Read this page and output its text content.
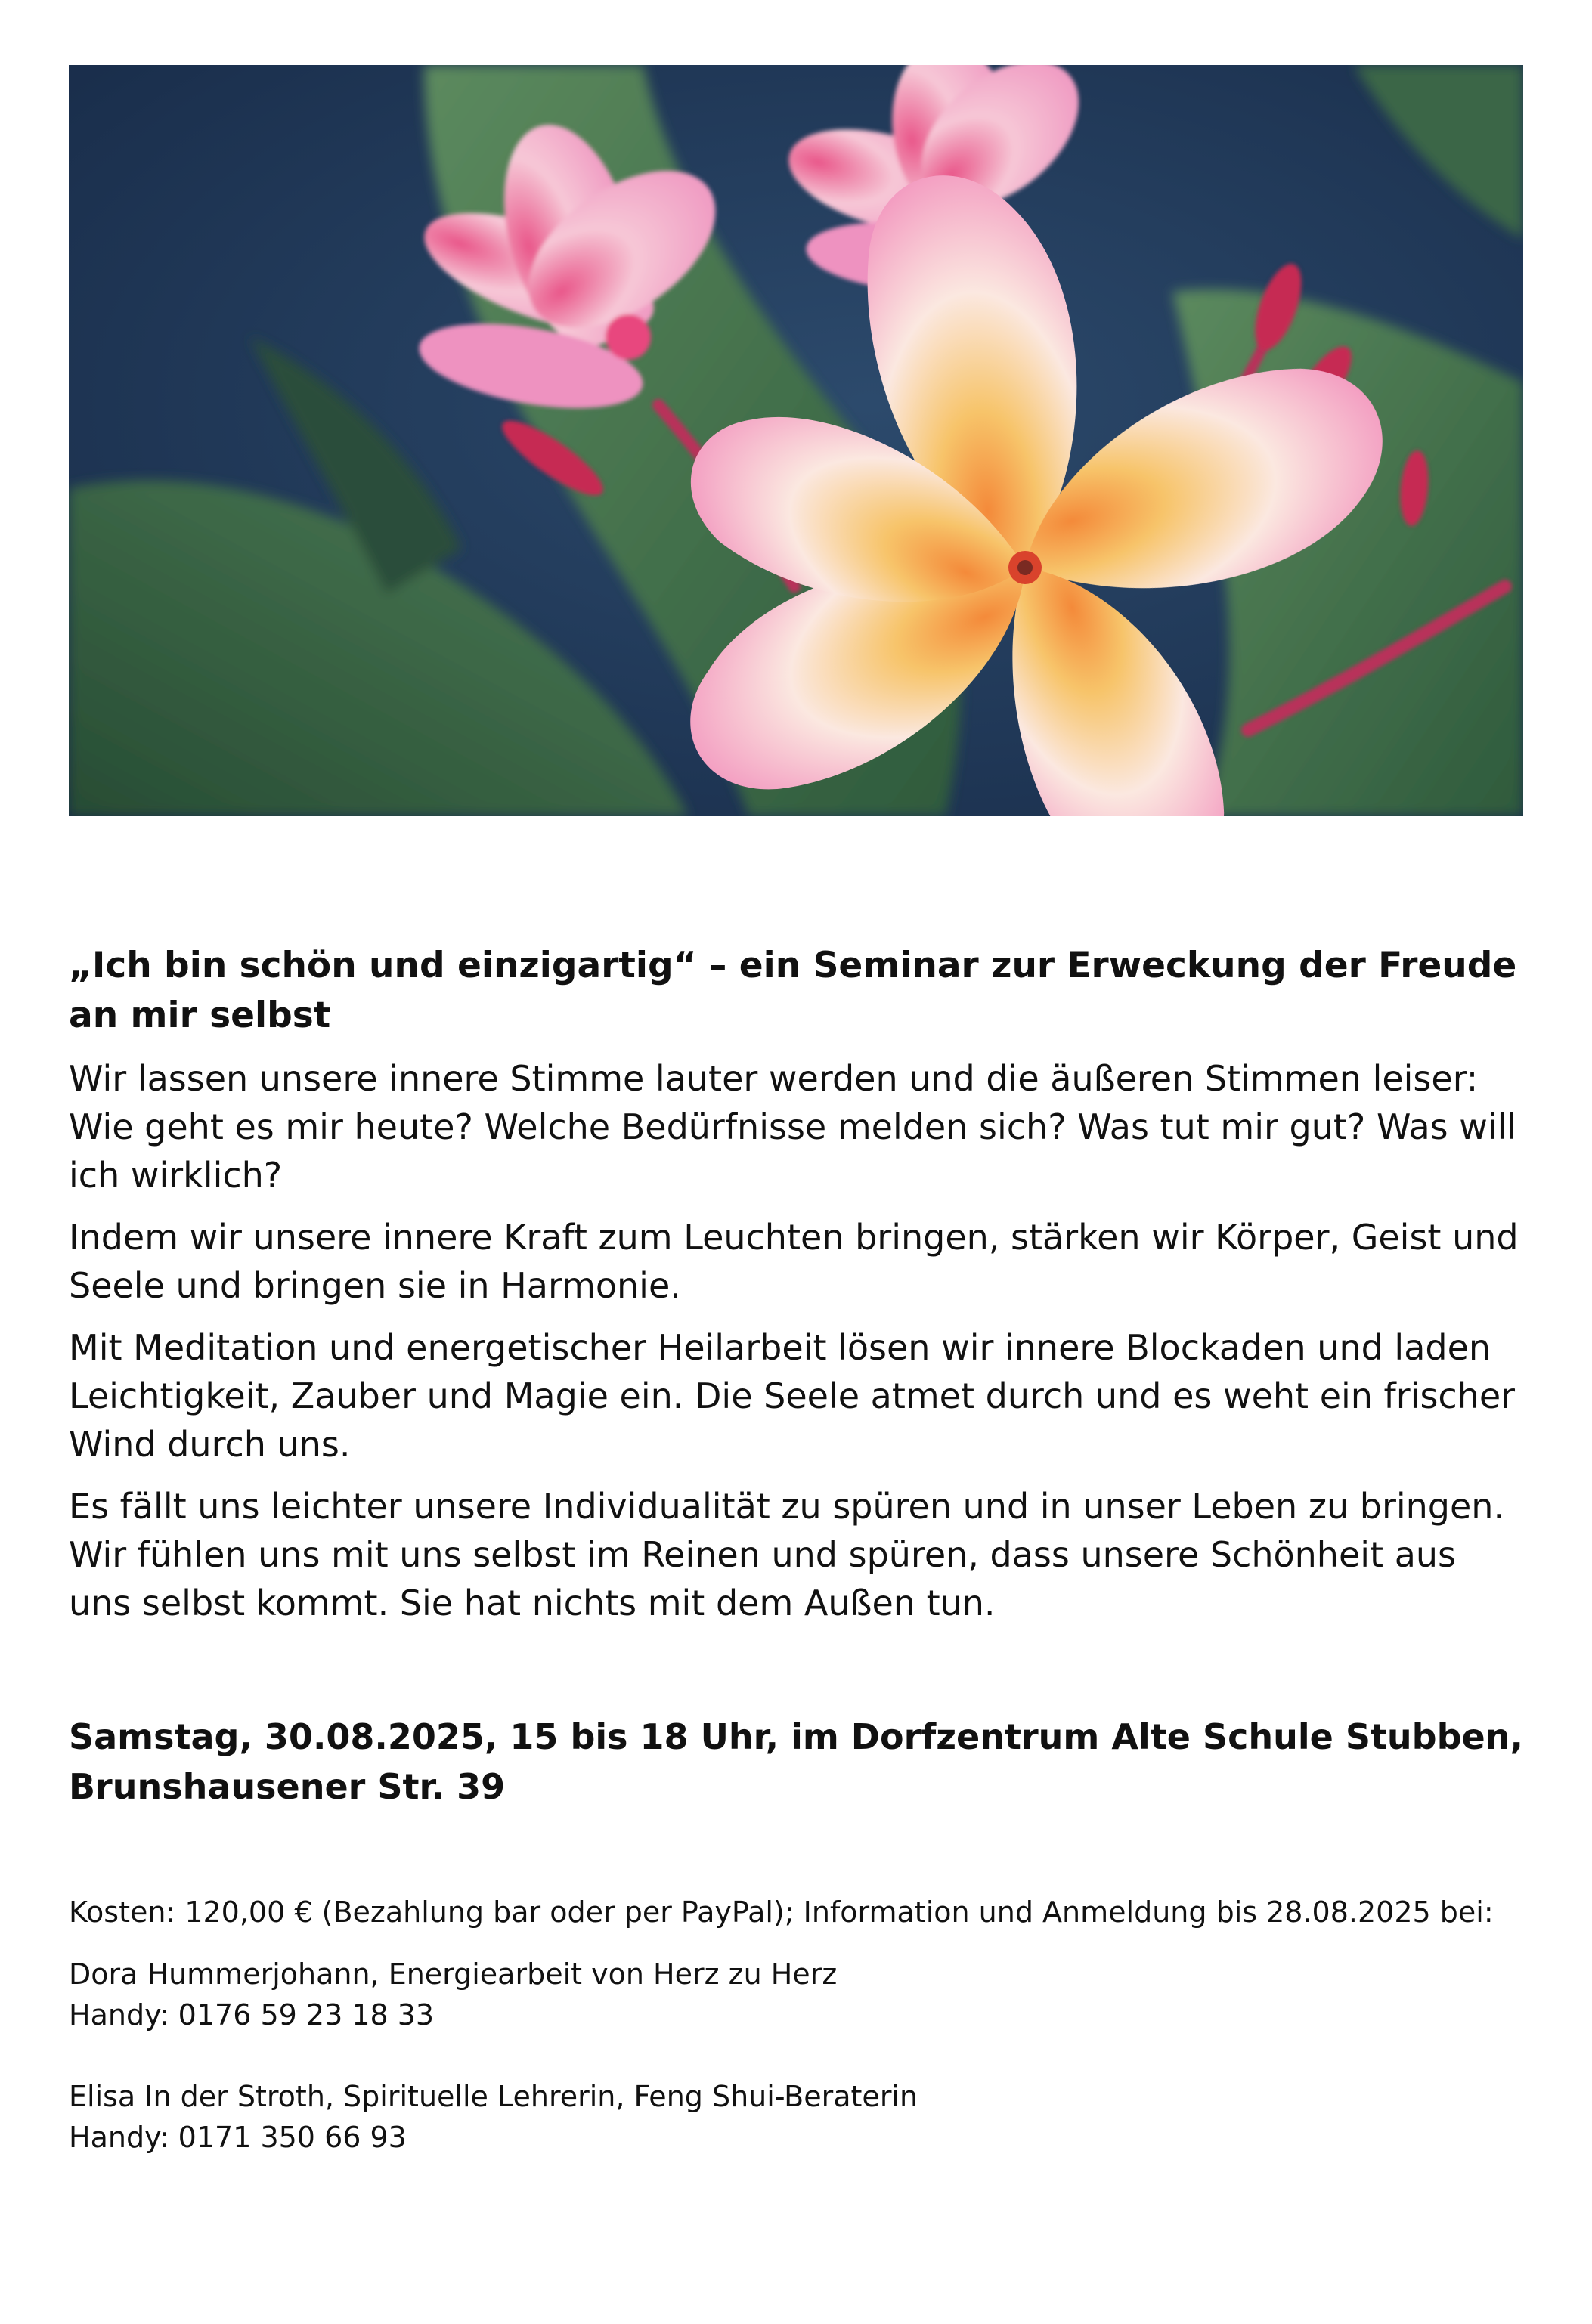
„Ich bin schön und einzigartig“ – ein Seminar zur Erweckung der Freude an mir selbst

Wir lassen unsere innere Stimme lauter werden und die äußeren Stimmen leiser: Wie geht es mir heute? Welche Bedürfnisse melden sich? Was tut mir gut? Was will ich wirklich?

Indem wir unsere innere Kraft zum Leuchten bringen, stärken wir Körper, Geist und Seele und bringen sie in Harmonie.

Mit Meditation und energetischer Heilarbeit lösen wir innere Blockaden und laden Leichtigkeit, Zauber und Magie ein. Die Seele atmet durch und es weht ein frischer Wind durch uns.

Es fällt uns leichter unsere Individualität zu spüren und in unser Leben zu bringen. Wir fühlen uns mit uns selbst im Reinen und spüren, dass unsere Schönheit aus uns selbst kommt. Sie hat nichts mit dem Außen tun.

Samstag, 30.08.2025, 15 bis 18 Uhr, im Dorfzentrum Alte Schule Stubben, Brunshausener Str. 39

Kosten: 120,00 € (Bezahlung bar oder per PayPal); Information und Anmeldung bis 28.08.2025 bei:

Dora Hummerjohann, Energiearbeit von Herz zu Herz
Handy: 0176 59 23 18 33
Elisa In der Stroth, Spirituelle Lehrerin, Feng Shui-Beraterin
Handy: 0171 350 66 93
